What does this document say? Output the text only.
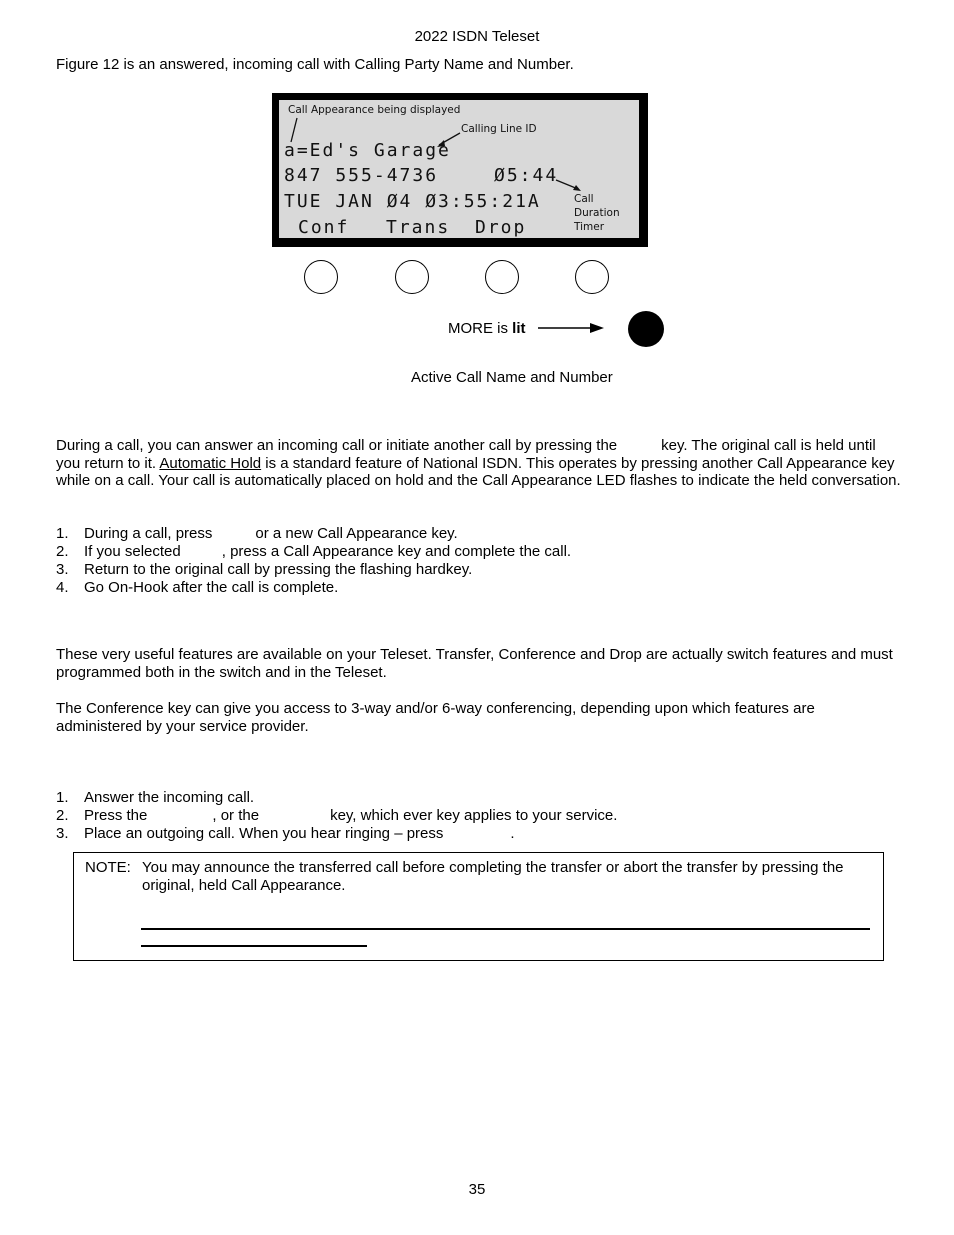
2022 ISDN Teleset

Figure 12 is an answered, incoming call with Calling Party Name and Number.

Call Appearance being displayed
Calling Line ID
a=Ed's Garage
847 555-4736	Ø5:44
TUE JAN Ø4 Ø3:55:21A	Call
Duration
Timer
Conf Trans Drop
MORE is lit
Active Call Name and Number

During a call, you can answer an incoming call or initiate another call by pressing the	key. The original call is held until you return to it. Automatic Hold is a standard feature of National ISDN. This operates by pressing another Call Appearance key while on a call. Your call is automatically placed on hold and the Call Appearance LED flashes to indicate the held conversation.

1. During a call, press	or a new Call Appearance key.
2. If you selected	, press a Call Appearance key and complete the call.
3. Return to the original call by pressing the flashing hardkey.
4. Go On-Hook after the call is complete.

These very useful features are available on your Teleset. Transfer, Conference and Drop are actually switch features and must programmed both in the switch and in the Teleset.

The Conference key can give you access to 3-way and/or 6-way conferencing, depending upon which features are administered by your service provider.

1. Answer the incoming call.
2. Press the	, or the	key, which ever key applies to your service.
3. Place an outgoing call. When you hear ringing – press	.
NOTE: You may announce the transferred call before completing the transfer or abort the transfer by pressing the original, held Call Appearance.
35
